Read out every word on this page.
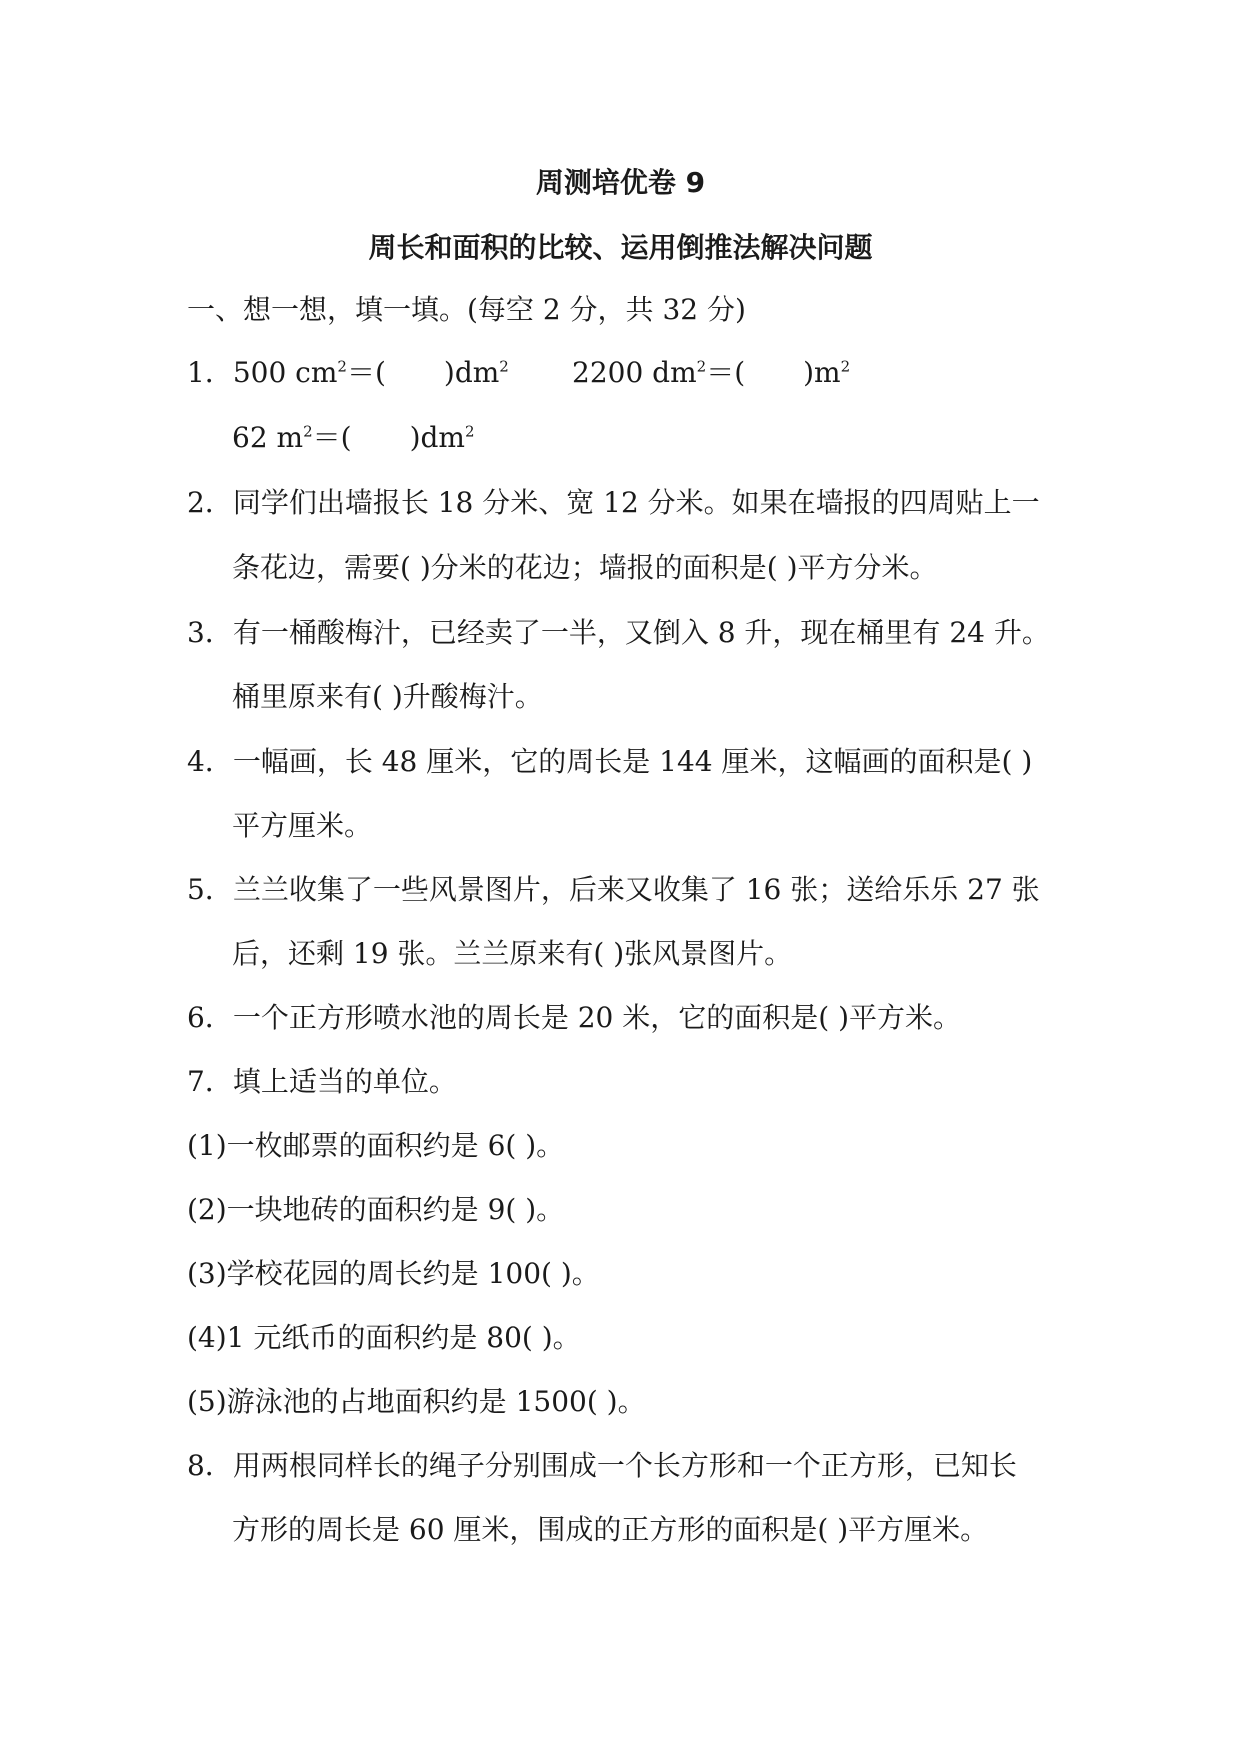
周测培优卷 9
周长和面积的比较、运用倒推法解决问题
一、想一想，填一填。(每空 2 分，共 32 分)
1．500 $cm^2=$( )$dm^2$ 2200 $dm^2=$( )$m^2$
62 $m^2=$( )$dm^2$
2．同学们出墙报长 18 分米、宽 12 分米。如果在墙报的四周贴上一
条花边，需要( )分米的花边；墙报的面积是( )平方分米。
3．有一桶酸梅汁，已经卖了一半，又倒入 8 升，现在桶里有 24 升。
桶里原来有( )升酸梅汁。
4．一幅画，长 48 厘米，它的周长是 144 厘米，这幅画的面积是( )
平方厘米。
5．兰兰收集了一些风景图片，后来又收集了 16 张；送给乐乐 27 张
后，还剩 19 张。兰兰原来有( )张风景图片。
6．一个正方形喷水池的周长是 20 米，它的面积是( )平方米。
7．填上适当的单位。
(1)一枚邮票的面积约是 6( )。
(2)一块地砖的面积约是 9( )。
(3)学校花园的周长约是 100( )。
(4)1 元纸币的面积约是 80( )。
(5)游泳池的占地面积约是 1500( )。
8．用两根同样长的绳子分别围成一个长方形和一个正方形，已知长
方形的周长是 60 厘米，围成的正方形的面积是( )平方厘米。
